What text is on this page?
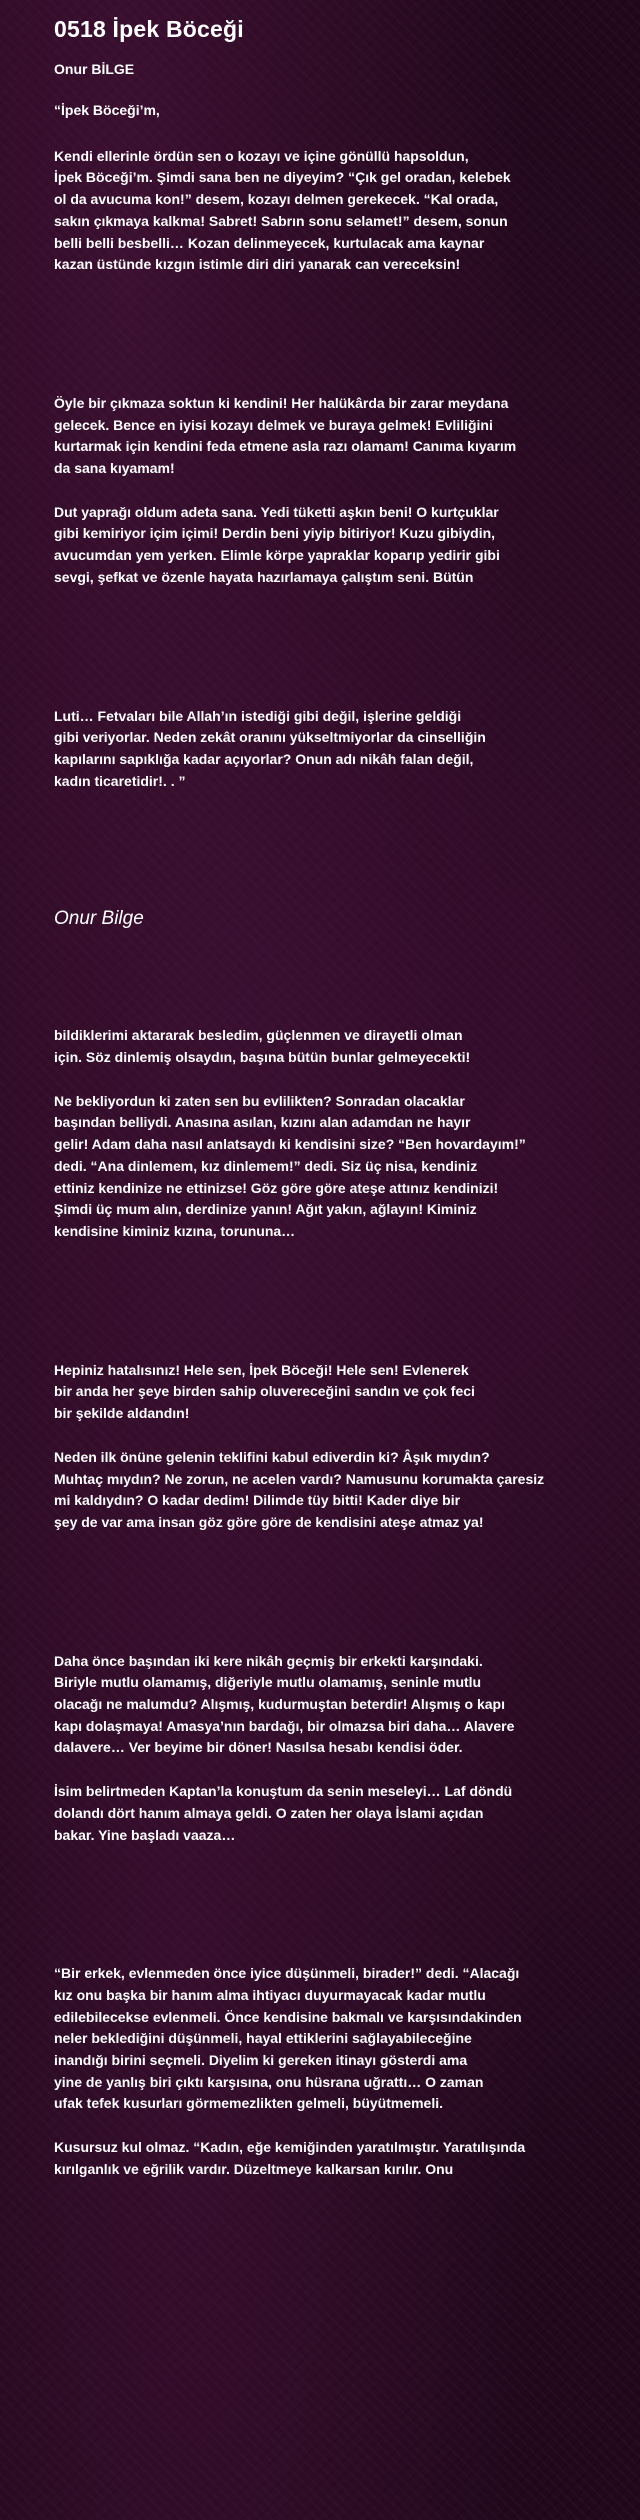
0518 İpek Böceği
Onur BİLGE

“İpek Böceği’m,

Kendi ellerinle ördün sen o kozayı ve içine gönüllü hapsoldun,
İpek Böceği’m. Şimdi sana ben ne diyeyim? “Çık gel oradan, kelebek
ol da avucuma kon!” desem, kozayı delmen gerekecek. “Kal orada,
sakın çıkmaya kalkma! Sabret! Sabrın sonu selamet!” desem, sonun
belli belli besbelli… Kozan delinmeyecek, kurtulacak ama kaynar
kazan üstünde kızgın istimle diri diri yanarak can vereceksin!

Öyle bir çıkmaza soktun ki kendini! Her halükârda bir zarar meydana
gelecek. Bence en iyisi kozayı delmek ve buraya gelmek! Evliliğini
kurtarmak için kendini feda etmene asla razı olamam! Canıma kıyarım
da sana kıyamam!

Dut yaprağı oldum adeta sana. Yedi tüketti aşkın beni! O kurtçuklar
gibi kemiriyor içim içimi! Derdin beni yiyip bitiriyor! Kuzu gibiydin,
avucumdan yem yerken. Elimle körpe yapraklar koparıp yedirir gibi
sevgi, şefkat ve özenle hayata hazırlamaya çalıştım seni. Bütün

Luti… Fetvaları bile Allah’ın istediği gibi değil, işlerine geldiği
gibi veriyorlar. Neden zekât oranını yükseltmiyorlar da cinselliğin
kapılarını sapıklığa kadar açıyorlar? Onun adı nikâh falan değil,
kadın ticaretidir!. . ”

Onur Bilge

bildiklerimi aktararak besledim, güçlenmen ve dirayetli olman
için. Söz dinlemiş olsaydın, başına bütün bunlar gelmeyecekti!

Ne bekliyordun ki zaten sen bu evlilikten? Sonradan olacaklar
başından belliydi. Anasına asılan, kızını alan adamdan ne hayır
gelir! Adam daha nasıl anlatsaydı ki kendisini size? “Ben hovardayım!”
dedi. “Ana dinlemem, kız dinlemem!” dedi. Siz üç nisa, kendiniz
ettiniz kendinize ne ettinizse! Göz göre göre ateşe attınız kendinizi!
Şimdi üç mum alın, derdinize yanın! Ağıt yakın, ağlayın! Kiminiz
kendisine kiminiz kızına, torununa…

Hepiniz hatalısınız! Hele sen, İpek Böceği! Hele sen! Evlenerek
bir anda her şeye birden sahip oluvereceğini sandın ve çok feci
bir şekilde aldandın!

Neden ilk önüne gelenin teklifini kabul ediverdin ki? Âşık mıydın?
Muhtaç mıydın? Ne zorun, ne acelen vardı? Namusunu korumakta çaresiz
mi kaldıydın? O kadar dedim! Dilimde tüy bitti! Kader diye bir
şey de var ama insan göz göre göre de kendisini ateşe atmaz ya!

Daha önce başından iki kere nikâh geçmiş bir erkekti karşındaki.
Biriyle mutlu olamamış, diğeriyle mutlu olamamış, seninle mutlu
olacağı ne malumdu? Alışmış, kudurmuştan beterdir! Alışmış o kapı
kapı dolaşmaya! Amasya’nın bardağı, bir olmazsa biri daha… Alavere
dalavere… Ver beyime bir döner! Nasılsa hesabı kendisi öder.

İsim belirtmeden Kaptan’la konuştum da senin meseleyi… Laf döndü
dolandı dört hanım almaya geldi. O zaten her olaya İslami açıdan
bakar. Yine başladı vaaza…

“Bir erkek, evlenmeden önce iyice düşünmeli, birader!” dedi. “Alacağı
kız onu başka bir hanım alma ihtiyacı duyurmayacak kadar mutlu
edilebilecekse evlenmeli. Önce kendisine bakmalı ve karşısındakinden
neler beklediğini düşünmeli, hayal ettiklerini sağlayabileceğine
inandığı birini seçmeli. Diyelim ki gereken itinayı gösterdi ama
yine de yanlış biri çıktı karşısına, onu hüsrana uğrattı… O zaman
ufak tefek kusurları görmemezlikten gelmeli, büyütmemeli.

Kusursuz kul olmaz. “Kadın, eğe kemiğinden yaratılmıştır. Yaratılışında
kırılganlık ve eğrilik vardır. Düzeltmeye kalkarsan kırılır. Onu
